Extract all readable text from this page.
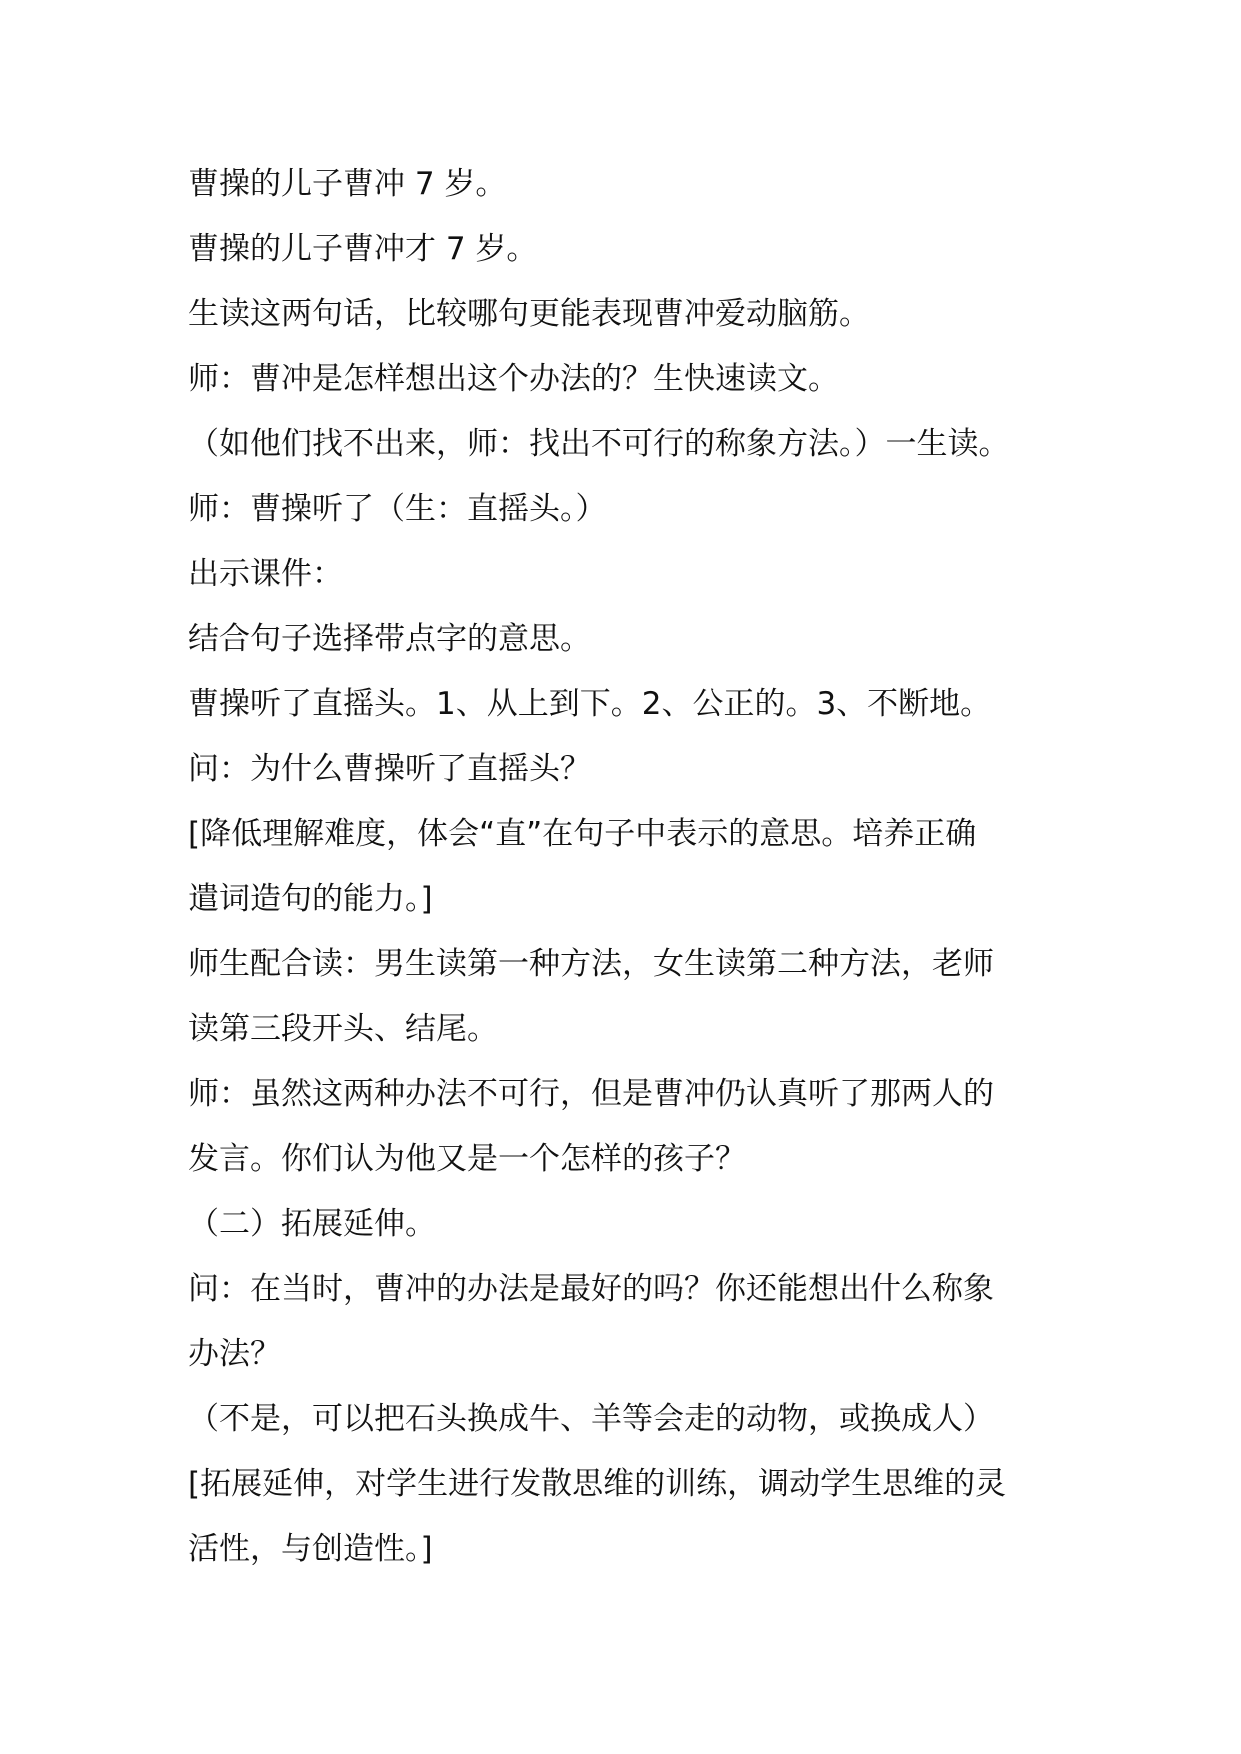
曹操的儿子曹冲 7 岁。

曹操的儿子曹冲才 7 岁。

生读这两句话，比较哪句更能表现曹冲爱动脑筋。

师：曹冲是怎样想出这个办法的？生快速读文。

（如他们找不出来，师：找出不可行的称象方法。）一生读。

师：曹操听了（生：直摇头。）

出示课件：

结合句子选择带点字的意思。

曹操听了直摇头。1、从上到下。2、公正的。3、不断地。

问：为什么曹操听了直摇头？

[降低理解难度，体会“直”在句子中表示的意思。培养正确

遣词造句的能力。]

师生配合读：男生读第一种方法，女生读第二种方法，老师

读第三段开头、结尾。

师：虽然这两种办法不可行，但是曹冲仍认真听了那两人的

发言。你们认为他又是一个怎样的孩子？

（二）拓展延伸。

问：在当时，曹冲的办法是最好的吗？你还能想出什么称象

办法？

（不是，可以把石头换成牛、羊等会走的动物，或换成人）

[拓展延伸，对学生进行发散思维的训练，调动学生思维的灵

活性，与创造性。]
